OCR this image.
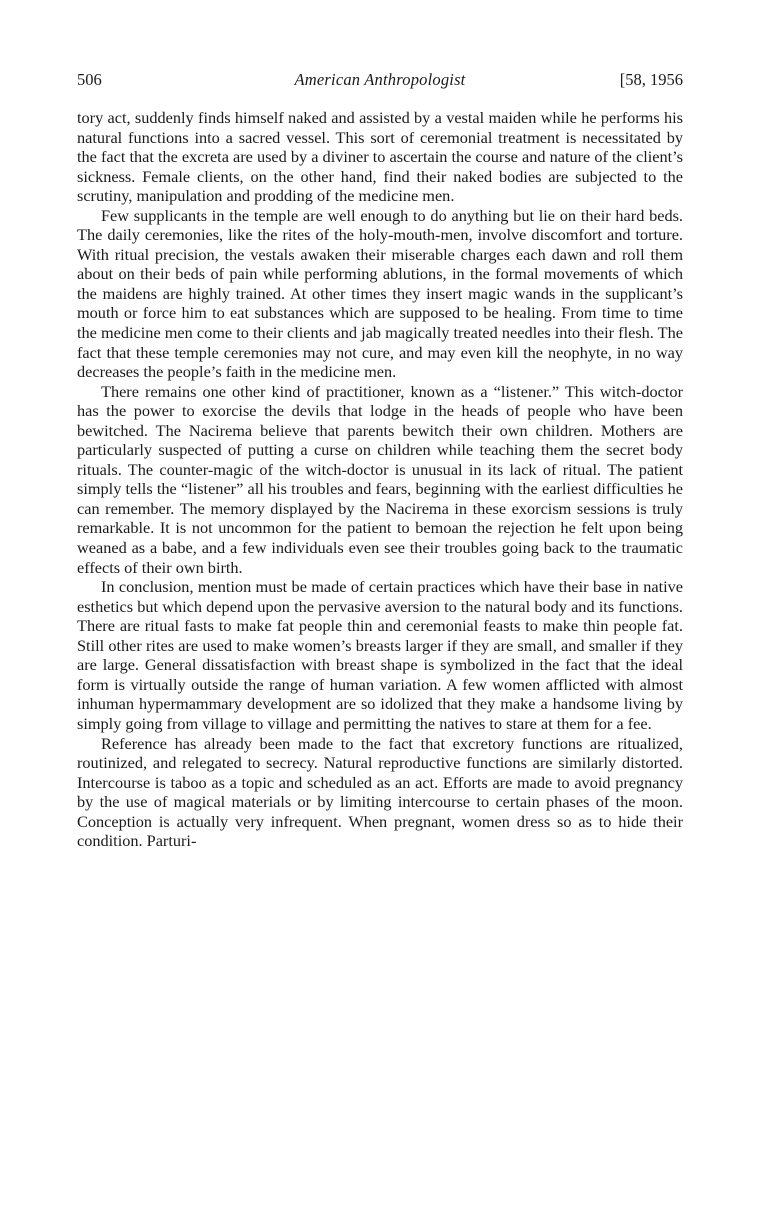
506	American Anthropologist	[58, 1956

tory act, suddenly finds himself naked and assisted by a vestal maiden while he performs his natural functions into a sacred vessel. This sort of ceremonial treatment is necessitated by the fact that the excreta are used by a diviner to ascertain the course and nature of the client’s sickness. Female clients, on the other hand, find their naked bodies are subjected to the scrutiny, manipulation and prodding of the medicine men.

Few supplicants in the temple are well enough to do anything but lie on their hard beds. The daily ceremonies, like the rites of the holy-mouth-men, involve discomfort and torture. With ritual precision, the vestals awaken their miserable charges each dawn and roll them about on their beds of pain while performing ablutions, in the formal movements of which the maidens are highly trained. At other times they insert magic wands in the supplicant’s mouth or force him to eat substances which are supposed to be healing. From time to time the medicine men come to their clients and jab magically treated needles into their flesh. The fact that these temple ceremonies may not cure, and may even kill the neophyte, in no way decreases the people’s faith in the medicine men.

There remains one other kind of practitioner, known as a “listener.” This witch-doctor has the power to exorcise the devils that lodge in the heads of people who have been bewitched. The Nacirema believe that parents bewitch their own children. Mothers are particularly suspected of putting a curse on children while teaching them the secret body rituals. The counter-magic of the witch-doctor is unusual in its lack of ritual. The patient simply tells the “listener” all his troubles and fears, beginning with the earliest difficulties he can remember. The memory displayed by the Nacirema in these exorcism sessions is truly remarkable. It is not uncommon for the patient to bemoan the rejection he felt upon being weaned as a babe, and a few individuals even see their troubles going back to the traumatic effects of their own birth.

In conclusion, mention must be made of certain practices which have their base in native esthetics but which depend upon the pervasive aversion to the natural body and its functions. There are ritual fasts to make fat people thin and ceremonial feasts to make thin people fat. Still other rites are used to make women’s breasts larger if they are small, and smaller if they are large. General dissatisfaction with breast shape is symbolized in the fact that the ideal form is virtually outside the range of human variation. A few women afflicted with almost inhuman hypermammary development are so idolized that they make a handsome living by simply going from village to village and permitting the natives to stare at them for a fee.

Reference has already been made to the fact that excretory functions are ritualized, routinized, and relegated to secrecy. Natural reproductive functions are similarly distorted. Intercourse is taboo as a topic and scheduled as an act. Efforts are made to avoid pregnancy by the use of magical materials or by limiting intercourse to certain phases of the moon. Conception is actually very infrequent. When pregnant, women dress so as to hide their condition. Parturi-
